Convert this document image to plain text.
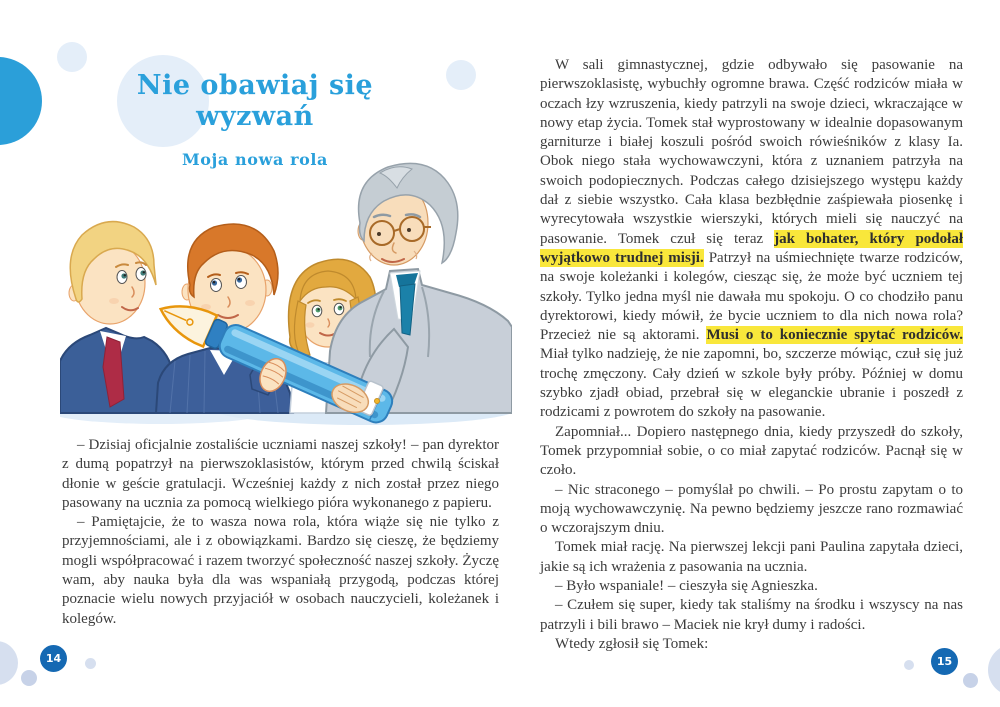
Nie obawiaj się
wyzwań
Moja nowa rola

– Dzisiaj oficjalnie zostaliście uczniami naszej szkoły! – pan dyrektor z dumą popatrzył na pierwszoklasistów, którym przed chwilą ściskał dłonie w geście gratulacji. Wcześniej każdy z nich został przez niego pasowany na ucznia za pomocą wielkiego pióra wykonanego z papieru.

– Pamiętajcie, że to wasza nowa rola, która wiąże się nie tylko z przyjemnościami, ale i z obowiązkami. Bardzo się cieszę, że będziemy mogli współpracować i razem tworzyć społeczność naszej szkoły. Życzę wam, aby nauka była dla was wspaniałą przygodą, podczas której poznacie wielu nowych przyjaciół w osobach nauczycieli, koleżanek i kolegów.

W sali gimnastycznej, gdzie odbywało się pasowanie na pierwszoklasistę, wybuchły ogromne brawa. Część rodziców miała w oczach łzy wzruszenia, kiedy patrzyli na swoje dzieci, wkraczające w nowy etap życia. Tomek stał wyprostowany w idealnie dopasowanym garniturze i białej koszuli pośród swoich rówieśników z klasy Ia. Obok niego stała wychowawczyni, która z uznaniem patrzyła na swoich podopiecznych. Podczas całego dzisiejszego występu każdy dał z siebie wszystko. Cała klasa bezbłędnie zaśpiewała piosenkę i wyrecytowała wszystkie wierszyki, których mieli się nauczyć na pasowanie. Tomek czuł się teraz jak bohater, który podołał wyjątkowo trudnej misji. Patrzył na uśmiechnięte twarze rodziców, na swoje koleżanki i kolegów, ciesząc się, że może być uczniem tej szkoły. Tylko jedna myśl nie dawała mu spokoju. O co chodziło panu dyrektorowi, kiedy mówił, że bycie uczniem to dla nich nowa rola? Przecież nie są aktorami. Musi o to koniecznie spytać rodziców. Miał tylko nadzieję, że nie zapomni, bo, szczerze mówiąc, czuł się już trochę zmęczony. Cały dzień w szkole były próby. Później w domu szybko zjadł obiad, przebrał się w eleganckie ubranie i poszedł z rodzicami z powrotem do szkoły na pasowanie.

Zapomniał... Dopiero następnego dnia, kiedy przyszedł do szkoły, Tomek przypomniał sobie, o co miał zapytać rodziców. Pacnął się w czoło.

– Nic straconego – pomyślał po chwili. – Po prostu zapytam o to moją wychowawczynię. Na pewno będziemy jeszcze rano rozmawiać o wczorajszym dniu.

Tomek miał rację. Na pierwszej lekcji pani Paulina zapytała dzieci, jakie są ich wrażenia z pasowania na ucznia.

– Było wspaniale! – cieszyła się Agnieszka.

– Czułem się super, kiedy tak staliśmy na środku i wszyscy na nas patrzyli i bili brawo – Maciek nie krył dumy i radości.

Wtedy zgłosił się Tomek:

14	15
